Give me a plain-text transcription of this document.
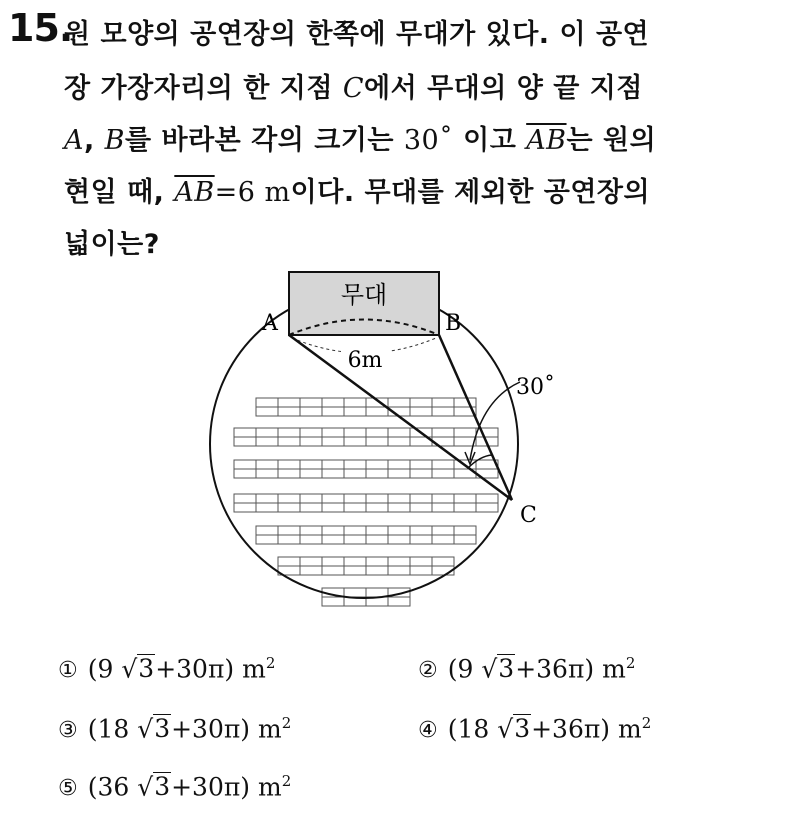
15.
원 모양의 공연장의 한쪽에 무대가 있다. 이 공연
장 가장자리의 한 지점 C에서 무대의 양 끝 지점
A, B를 바라본 각의 크기는 30˚ 이고 $\overline{AB}$는 원의
현일 때, $\overline{AB}=6$ m이다. 무대를 제외한 공연장의
넓이는?
무대
6m
A	B
C
30˚
① (9 √3+30π) $m^2$	② (9 √3+36π) $m^2$
③ (18 √3+30π) $m^2$	④ (18 √3+36π) $m^2$
⑤ (36 √3+30π) $m^2$
